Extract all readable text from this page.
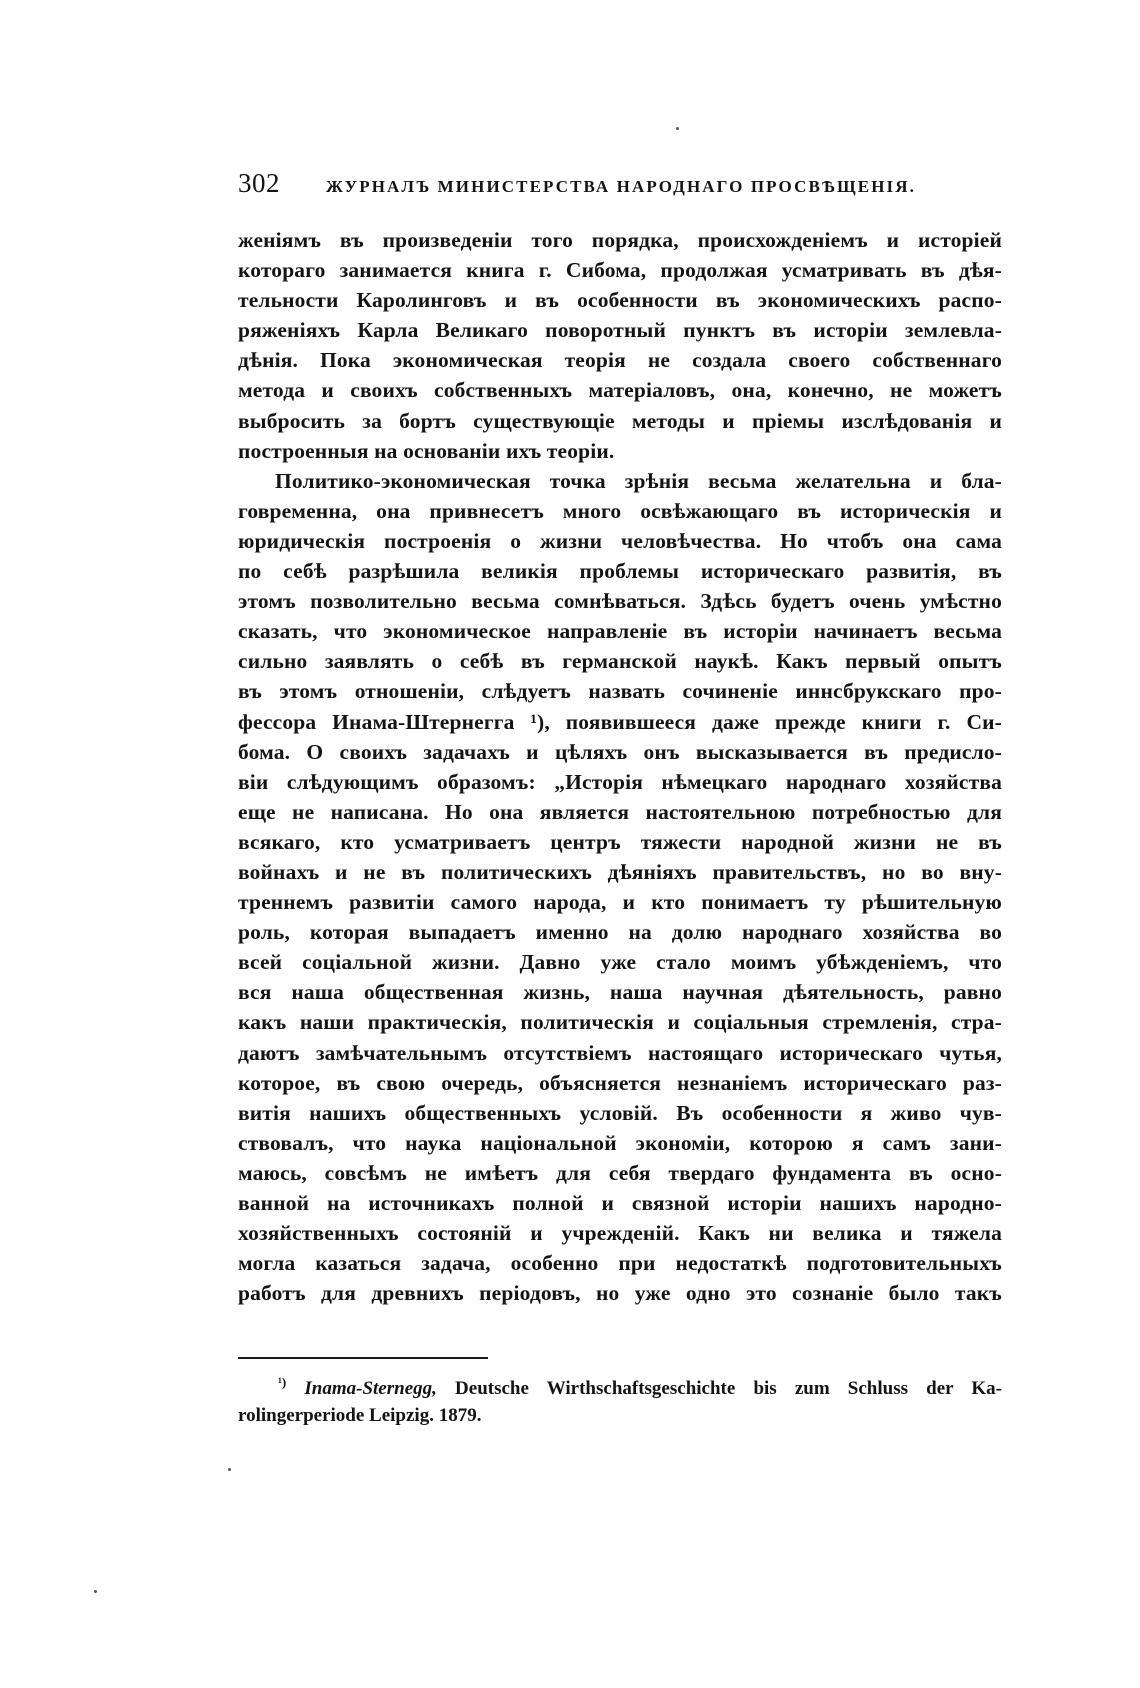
302	ЖУРНАЛЪ МИНИСТЕРСТВА НАРОДНАГО ПРОСВѢЩЕНІЯ.

женіямъ въ произведеніи того порядка, происхожденіемъ и исторіей

котораго занимается книга г. Сибома, продолжая усматривать въ дѣя-

тельности Каролинговъ и въ особенности въ экономическихъ распо-

ряженіяхъ Карла Великаго поворотный пунктъ въ исторіи землевла-

дѣнія. Пока экономическая теорія не создала своего собственнаго

метода и своихъ собственныхъ матеріаловъ, она, конечно, не можетъ

выбросить за бортъ существующіе методы и пріемы изслѣдованія и

построенныя на основаніи ихъ теоріи.

Политико-экономическая точка зрѣнія весьма желательна и бла-

говременна, она привнесетъ много освѣжающаго въ историческія и

юридическія построенія о жизни человѣчества. Но чтобъ она сама

по себѣ разрѣшила великія проблемы историческаго развитія, въ

этомъ позволительно весьма сомнѣваться. Здѣсь будетъ очень умѣстно

сказать, что экономическое направленіе въ исторіи начинаетъ весьма

сильно заявлять о себѣ въ германской наукѣ. Какъ первый опытъ

въ этомъ отношеніи, слѣдуетъ назвать сочиненіе иннсбрукскаго про-

фессора Инама-Штернегга ¹), появившееся даже прежде книги г. Си-

бома. О своихъ задачахъ и цѣляхъ онъ высказывается въ предисло-

віи слѣдующимъ образомъ: „Исторія нѣмецкаго народнаго хозяйства

еще не написана. Но она является настоятельною потребностью для

всякаго, кто усматриваетъ центръ тяжести народной жизни не въ

войнахъ и не въ политическихъ дѣяніяхъ правительствъ, но во вну-

треннемъ развитіи самого народа, и кто понимаетъ ту рѣшительную

роль, которая выпадаетъ именно на долю народнаго хозяйства во

всей соціальной жизни. Давно уже стало моимъ убѣжденіемъ, что

вся наша общественная жизнь, наша научная дѣятельность, равно

какъ наши практическія, политическія и соціальныя стремленія, стра-

даютъ замѣчательнымъ отсутствіемъ настоящаго историческаго чутья,

которое, въ свою очередь, объясняется незнаніемъ историческаго раз-

витія нашихъ общественныхъ условій. Въ особенности я живо чув-

ствовалъ, что наука національной экономіи, которою я самъ зани-

маюсь, совсѣмъ не имѣетъ для себя твердаго фундамента въ осно-

ванной на источникахъ полной и связной исторіи нашихъ народно-

хозяйственныхъ состояній и учрежденій. Какъ ни велика и тяжела

могла казаться задача, особенно при недостаткѣ подготовительныхъ

работъ для древнихъ періодовъ, но уже одно это сознаніе было такъ

$^{^1)}$ Inama-Sternegg, Deutsche Wirthschaftsgeschichte bis zum Schluss der Ka-
rolingerperiode Leipzig. 1879.
